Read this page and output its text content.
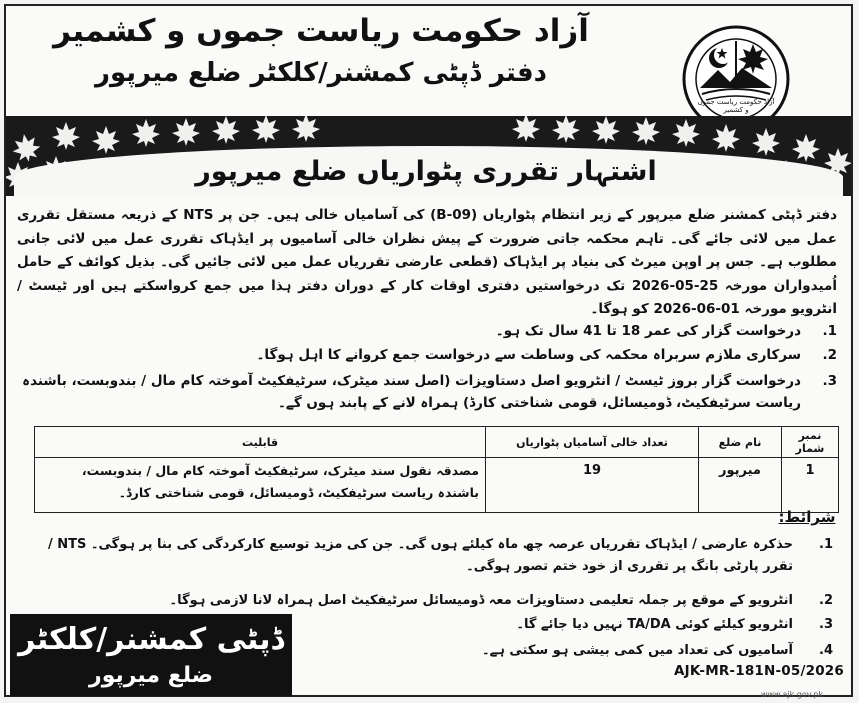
آزاد حکومت ریاست جموں و کشمیر
آزاد حکومت ریاست جموں و کشمیر
دفتر ڈپٹی کمشنر/کلکٹر ضلع میرپور
اشتہار تقرری پٹواریاں ضلع میرپور
دفتر ڈپٹی کمشنر ضلع میرپور کے زیر انتظام پٹواریاں (B-09) کی آسامیاں خالی ہیں۔ جن پر NTS کے ذریعہ مستقل تقرری عمل میں لائی جائے گی۔ تاہم محکمہ جاتی ضرورت کے پیش نظران خالی آسامیوں پر ایڈہاک تقرری عمل میں لائی جانی مطلوب ہے۔ جس پر اوپن میرٹ کی بنیاد پر ایڈہاک (قطعی عارضی تقرریاں عمل میں لائی جائیں گی۔ بذیل کوائف کے حامل اُمیدواران مورخہ 25-05-2026 تک درخواستیں دفتری اوقات کار کے دوران دفتر ہذا میں جمع کرواسکتے ہیں اور ٹیسٹ / انٹرویو مورخہ 01-06-2026 کو ہوگا۔
1.
درخواست گزار کی عمر 18 تا 41 سال تک ہو۔
2.
سرکاری ملازم سربراہ محکمہ کی وساطت سے درخواست جمع کروانے کا اہل ہوگا۔
3.
درخواست گزار بروز ٹیسٹ / انٹرویو اصل دستاویزات (اصل سند میٹرک، سرٹیفکیٹ آموختہ کام مال / بندوبست، باشندہ ریاست سرٹیفکیٹ، ڈومیسائل، قومی شناختی کارڈ) ہمراہ لانے کے پابند ہوں گے۔
نمبر شمار	نام ضلع	تعداد خالی آسامیاں پٹواریاں	قابلیت
1	میرپور	19	مصدقہ نقول سند میٹرک، سرٹیفکیٹ آموختہ کام مال / بندوبست، باشندہ ریاست سرٹیفکیٹ، ڈومیسائل، قومی شناختی کارڈ۔
شرائط:
1.
حذکرہ عارضی / ایڈہاک تقرریاں عرصہ چھ ماہ کیلئے ہوں گی۔ جن کی مزید توسیع کارکردگی کی بنا پر ہوگی۔ NTS / تقرر پارٹی بانگ پر تقرری از خود ختم تصور ہوگی۔
2.
انٹرویو کے موقع پر جملہ تعلیمی دستاویزات معہ ڈومیسائل سرٹیفکیٹ اصل ہمراہ لانا لازمی ہوگا۔
3.
انٹرویو کیلئے کوئی TA/DA نہیں دیا جائے گا۔
4.
آسامیوں کی تعداد میں کمی بیشی ہو سکتی ہے۔
ڈپٹی کمشنر/کلکٹر
ضلع میرپور	AJK-MR-181N-05/2026
www.ajk.gov.pk
